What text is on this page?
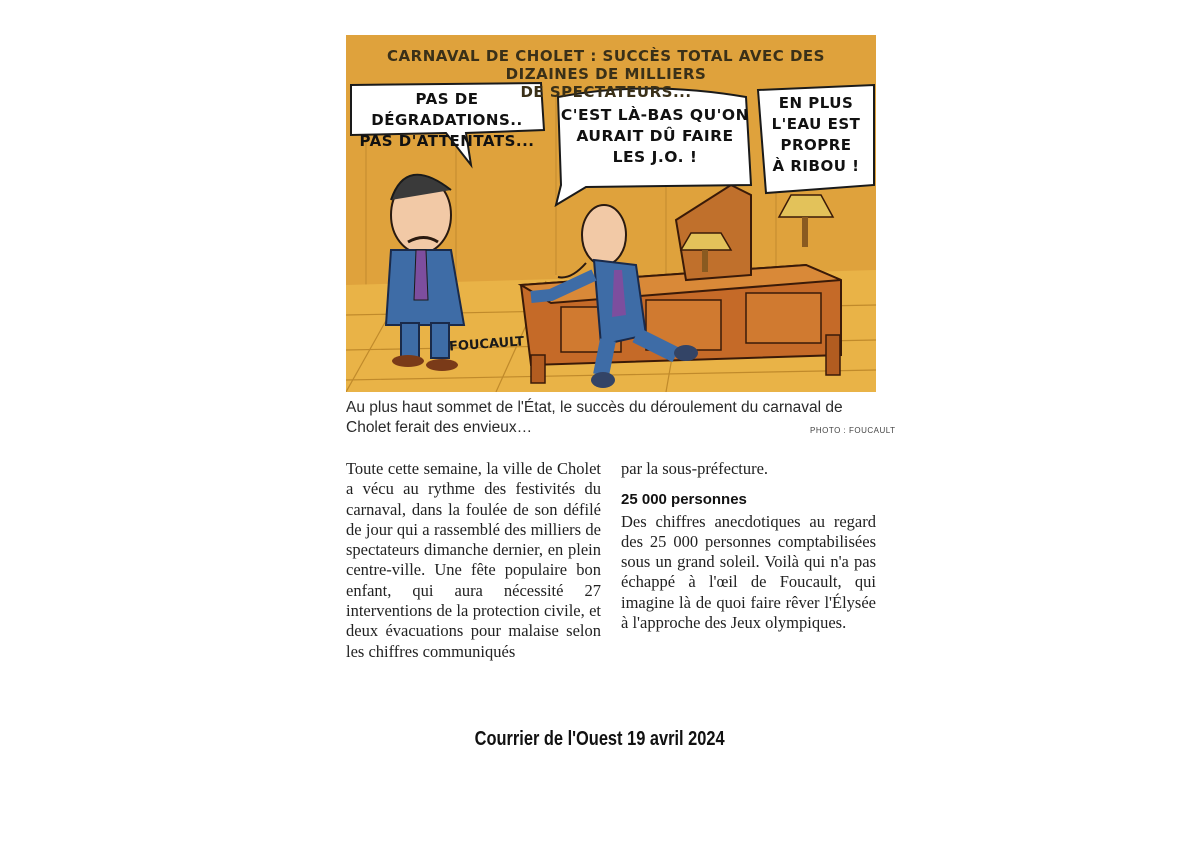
CARNAVAL DE CHOLET : SUCCÈS TOTAL AVEC DES DIZAINES DE MILLIERS
DE SPECTATEURS...
PAS DE DÉGRADATIONS..
PAS D'ATTENTATS...
C'EST LÀ-BAS QU'ON
AURAIT DÛ FAIRE
LES J.O. !
EN PLUS
L'EAU EST
PROPRE
À RIBOU !
FOUCAULT
Au plus haut sommet de l'État, le succès du déroulement du carnaval de Cholet ferait des envieux…	PHOTO : FOUCAULT
Toute cette semaine, la ville de Cholet a vécu au rythme des festivités du carnaval, dans la foulée de son défilé de jour qui a rassemblé des milliers de spectateurs dimanche dernier, en plein centre-ville. Une fête populaire bon enfant, qui aura nécessité 27 interventions de la protection civile, et deux évacuations pour malaise selon les chiffres communiqués
par la sous-préfecture.
25 000 personnes
Des chiffres anecdotiques au regard des 25 000 personnes comptabilisées sous un grand soleil. Voilà qui n'a pas échappé à l'œil de Foucault, qui imagine là de quoi faire rêver l'Élysée à l'approche des Jeux olympiques.
Courrier de l'Ouest 19 avril 2024
